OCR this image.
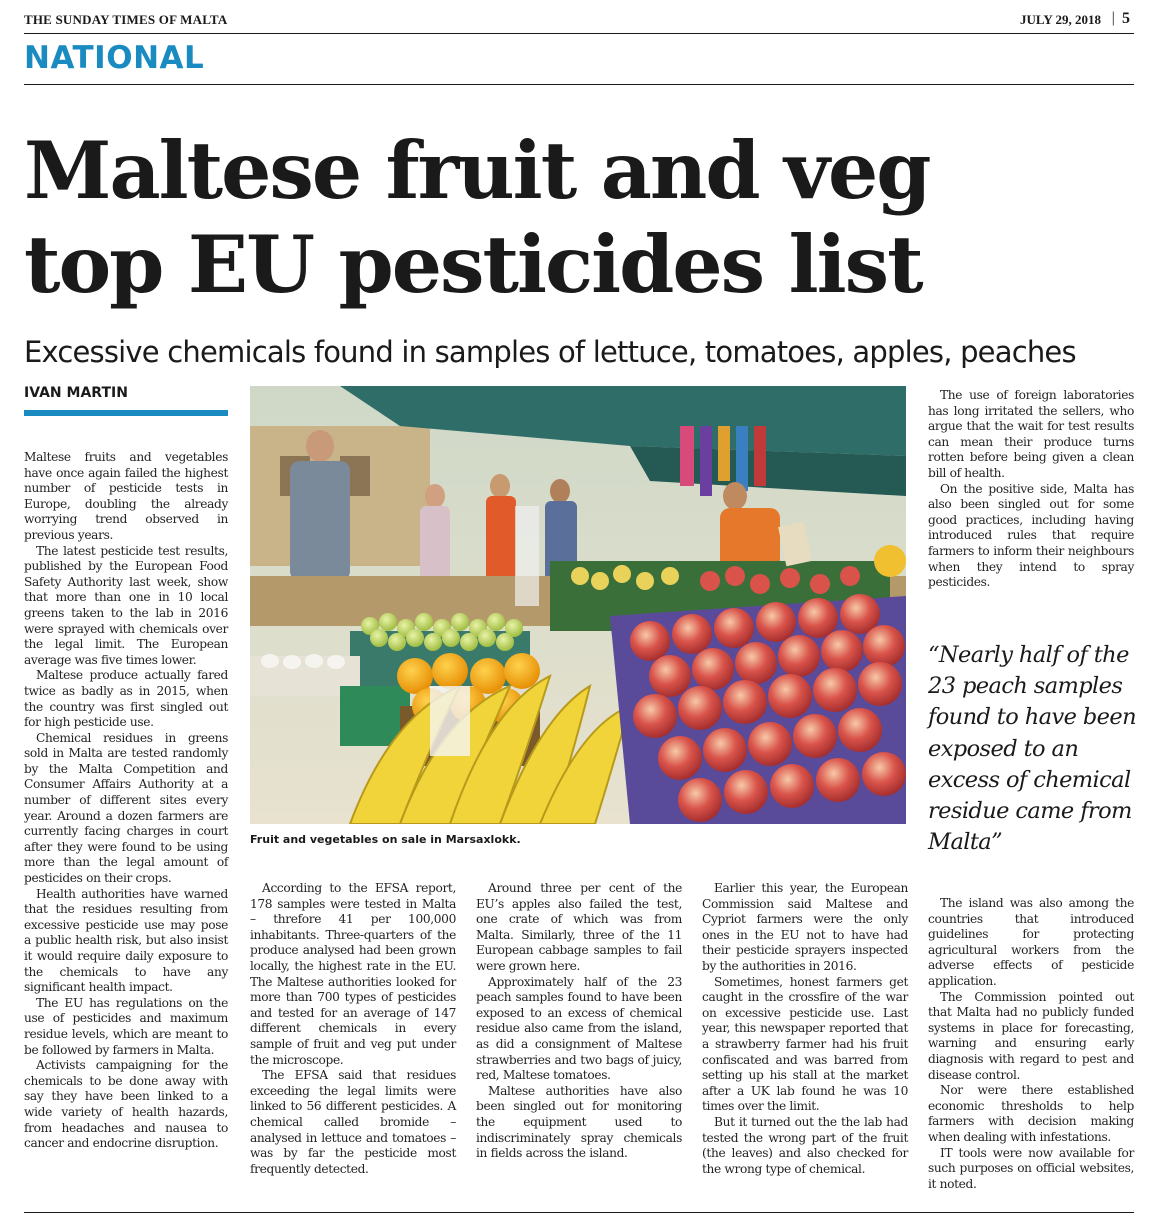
THE SUNDAY TIMES OF MALTA	JULY 29, 2018 | 5
NATIONAL
Maltese fruit and veg
top EU pesticides list
Excessive chemicals found in samples of lettuce, tomatoes, apples, peaches
IVAN MARTIN

Maltese fruits and vegetables have once again failed the highest number of pesticide tests in Europe, doubling the already worrying trend observed in previous years.

The latest pesticide test results, published by the European Food Safety Authority last week, show that more than one in 10 local greens taken to the lab in 2016 were sprayed with chemicals over the legal limit. The European average was five times lower.

Maltese produce actually fared twice as badly as in 2015, when the country was first singled out for high pesticide use.

Chemical residues in greens sold in Malta are tested randomly by the Malta Competition and Consumer Affairs Authority at a number of different sites every year. Around a dozen farmers are currently facing charges in court after they were found to be using more than the legal amount of pesticides on their crops.

Health authorities have warned that the residues resulting from excessive pesticide use may pose a public health risk, but also insist it would require daily exposure to the chemicals to have any significant health impact.

The EU has regulations on the use of pesticides and maximum residue levels, which are meant to be followed by farmers in Malta.

Activists campaigning for the chemicals to be done away with say they have been linked to a wide variety of health hazards, from headaches and nausea to cancer and endocrine disruption.

Fruit and vegetables on sale in Marsaxlokk.

According to the EFSA report, 178 samples were tested in Malta – threfore 41 per 100,000 inhabitants. Three-quarters of the produce analysed had been grown locally, the highest rate in the EU. The Maltese authorities looked for more than 700 types of pesticides and tested for an average of 147 different chemicals in every sample of fruit and veg put under the microscope.

The EFSA said that residues exceeding the legal limits were linked to 56 different pesticides. A chemical called bromide – analysed in lettuce and tomatoes – was by far the pesticide most frequently detected.

Around three per cent of the EU’s apples also failed the test, one crate of which was from Malta. Similarly, three of the 11 European cabbage samples to fail were grown here.

Approximately half of the 23 peach samples found to have been exposed to an excess of chemical residue also came from the island, as did a consignment of Maltese strawberries and two bags of juicy, red, Maltese tomatoes.

Maltese authorities have also been singled out for monitoring the equipment used to indiscriminately spray chemicals in fields across the island.

Earlier this year, the European Commission said Maltese and Cypriot farmers were the only ones in the EU not to have had their pesticide sprayers inspected by the authorities in 2016.

Sometimes, honest farmers get caught in the crossfire of the war on excessive pesticide use. Last year, this newspaper reported that a strawberry farmer had his fruit confiscated and was barred from setting up his stall at the market after a UK lab found he was 10 times over the limit.

But it turned out the the lab had tested the wrong part of the fruit (the leaves) and also checked for the wrong type of chemical.

The use of foreign laboratories has long irritated the sellers, who argue that the wait for test results can mean their produce turns rotten before being given a clean bill of health.

On the positive side, Malta has also been singled out for some good practices, including having introduced rules that require farmers to inform their neighbours when they intend to spray pesticides.

“Nearly half of the 23 peach samples found to have been exposed to an excess of chemical residue came from Malta”

The island was also among the countries that introduced guidelines for protecting agricultural workers from the adverse effects of pesticide application.

The Commission pointed out that Malta had no publicly funded systems in place for forecasting, warning and ensuring early diagnosis with regard to pest and disease control.

Nor were there established economic thresholds to help farmers with decision making when dealing with infestations.

IT tools were now available for such purposes on official websites, it noted.
